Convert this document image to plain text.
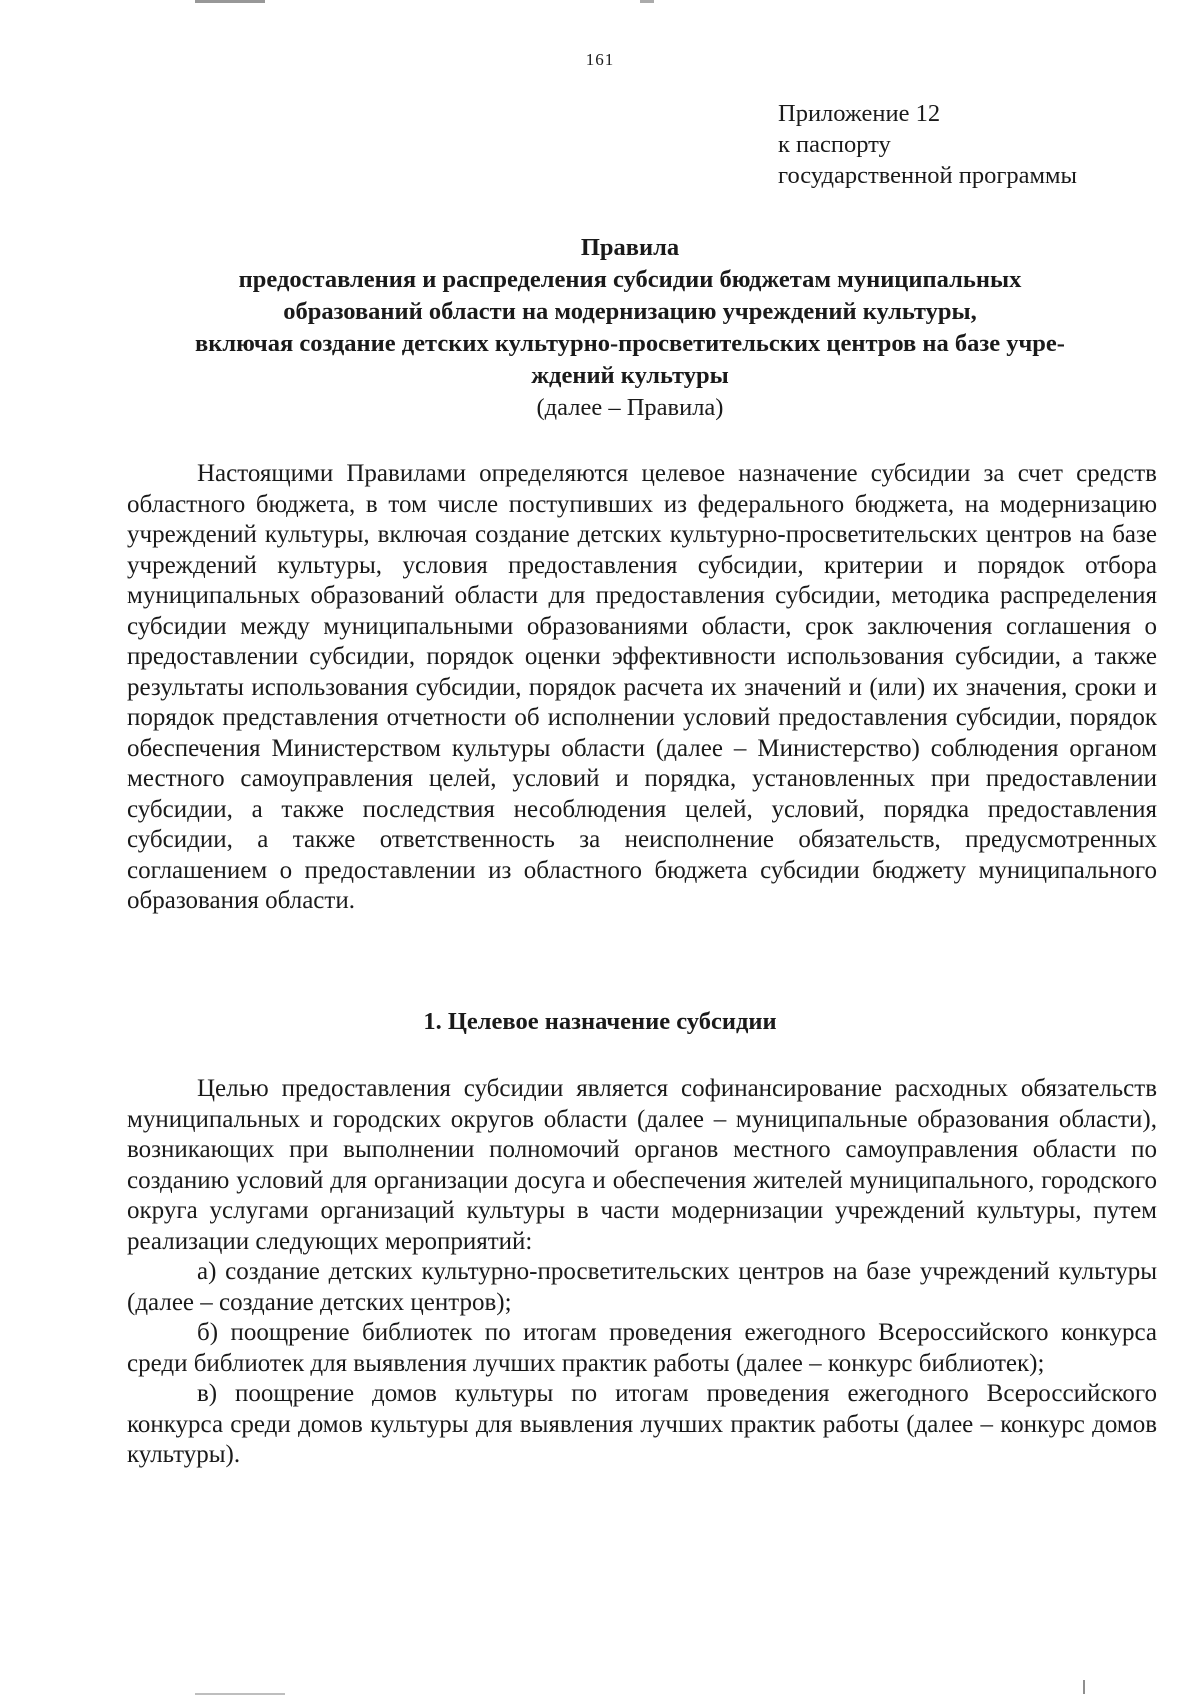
161
Приложение 12
к паспорту
государственной программы
Правила
предоставления и распределения субсидии бюджетам муниципальных
образований области на модернизацию учреждений культуры,
включая создание детских культурно-просветительских центров на базе учре-
ждений культуры
(далее – Правила)

Настоящими Правилами определяются целевое назначение субсидии за счет средств областного бюджета, в том числе поступивших из федерального бюджета, на модернизацию учреждений культуры, включая создание детских культурно-просветительских центров на базе учреждений культуры, условия предоставления субсидии, критерии и порядок отбора муниципальных образований области для предоставления субсидии, методика распределения субсидии между муниципальными образованиями области, срок заключения соглашения о предоставлении субсидии, порядок оценки эффективности использования субсидии, а также результаты использования субсидии, порядок расчета их значений и (или) их значения, сроки и порядок представления отчетности об исполнении условий предоставления субсидии, порядок обеспечения Министерством культуры области (далее – Министерство) соблюдения органом местного самоуправления целей, условий и порядка, установленных при предоставлении субсидии, а также последствия несоблюдения целей, условий, порядка предоставления субсидии, а также ответственность за неисполнение обязательств, предусмотренных соглашением о предоставлении из областного бюджета субсидии бюджету муниципального образования области.

1. Целевое назначение субсидии

Целью предоставления субсидии является софинансирование расходных обязательств муниципальных и городских округов области (далее – муниципальные образования области), возникающих при выполнении полномочий органов местного самоуправления области по созданию условий для организации досуга и обеспечения жителей муниципального, городского округа услугами организаций культуры в части модернизации учреждений культуры, путем реализации следующих мероприятий:

а) создание детских культурно-просветительских центров на базе учреждений культуры (далее – создание детских центров);

б) поощрение библиотек по итогам проведения ежегодного Всероссийского конкурса среди библиотек для выявления лучших практик работы (далее – конкурс библиотек);

в) поощрение домов культуры по итогам проведения ежегодного Всероссийского конкурса среди домов культуры для выявления лучших практик работы (далее – конкурс домов культуры).
